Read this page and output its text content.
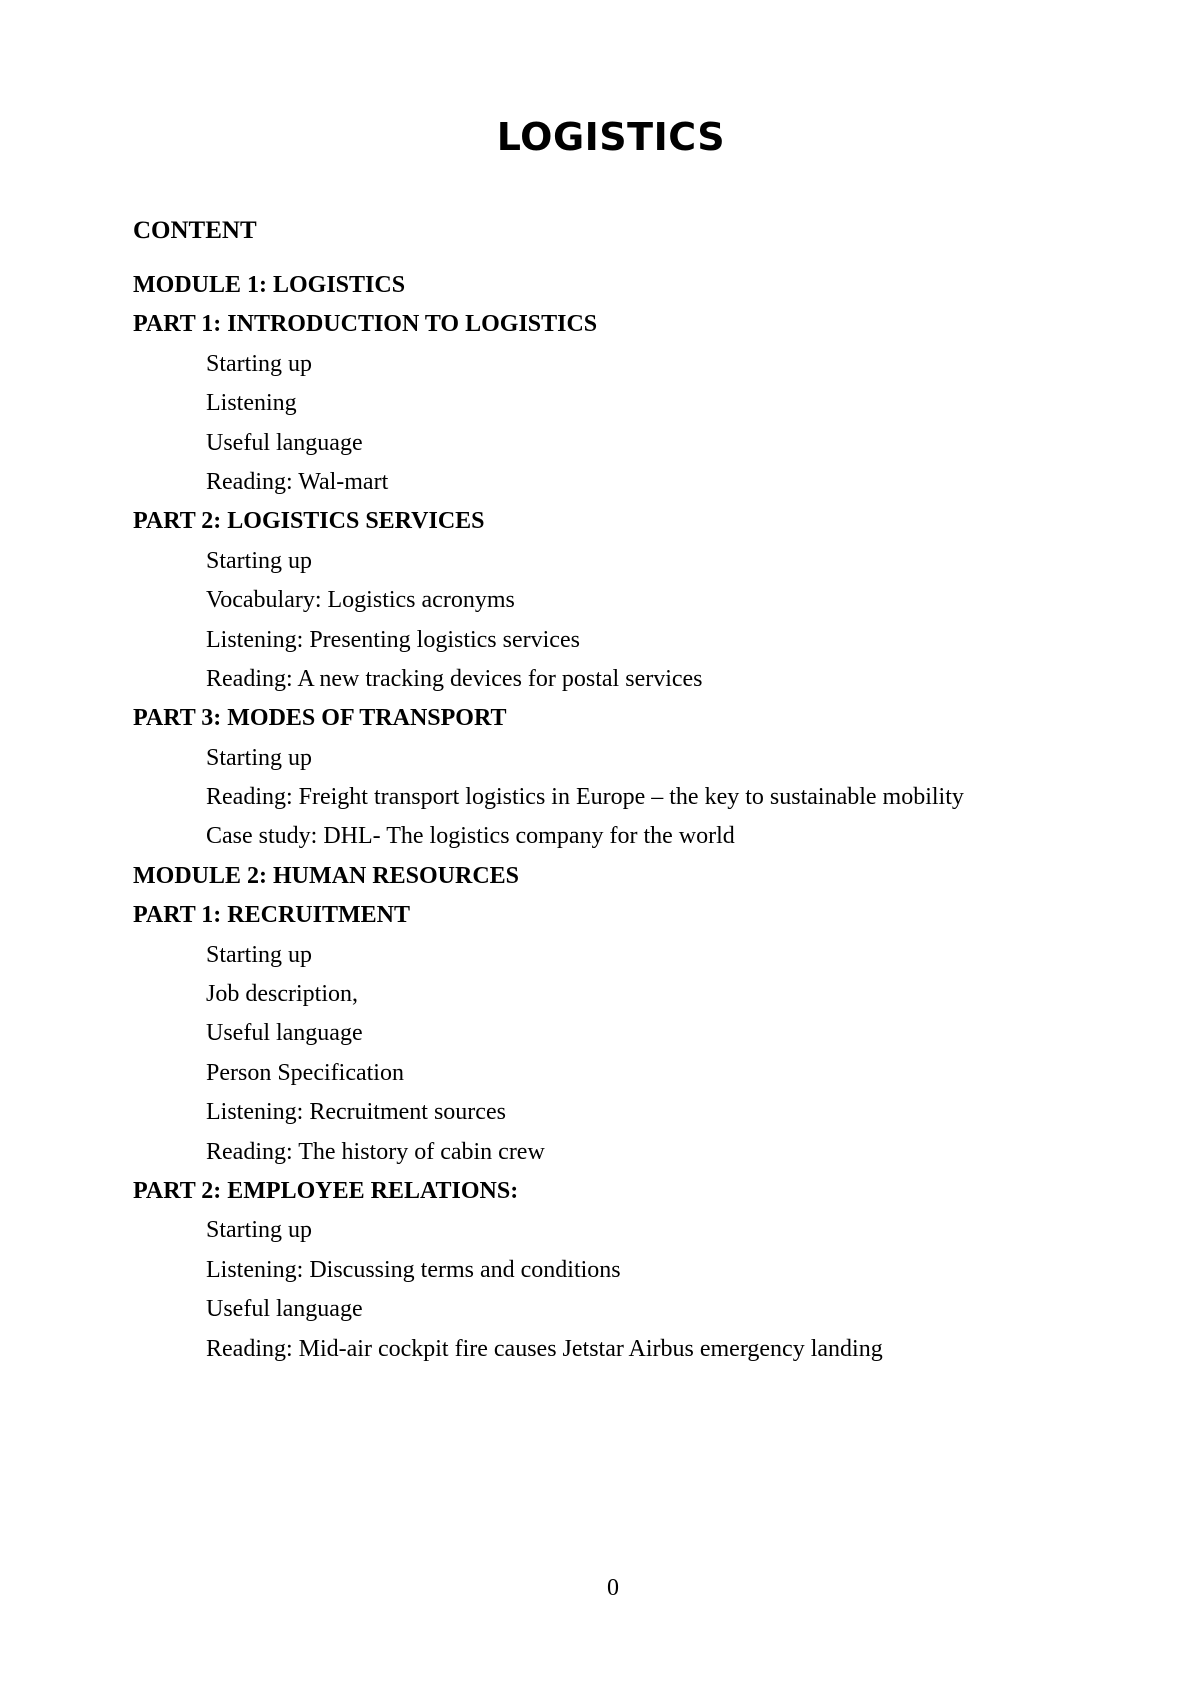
LOGISTICS
CONTENT
MODULE 1: LOGISTICS
PART 1: INTRODUCTION TO LOGISTICS
Starting up
Listening
Useful language
Reading: Wal-mart
PART 2: LOGISTICS SERVICES
Starting up
Vocabulary: Logistics acronyms
Listening: Presenting logistics services
Reading: A new tracking devices for postal services
PART 3: MODES OF TRANSPORT
Starting up
Reading: Freight transport logistics in Europe – the key to sustainable mobility
Case study: DHL- The logistics company for the world
MODULE 2: HUMAN RESOURCES
PART 1: RECRUITMENT
Starting up
Job description,
Useful language
Person Specification
Listening: Recruitment sources
Reading: The history of cabin crew
PART 2: EMPLOYEE RELATIONS:
Starting up
Listening: Discussing terms and conditions
Useful language
Reading: Mid-air cockpit fire causes Jetstar Airbus emergency landing
0
